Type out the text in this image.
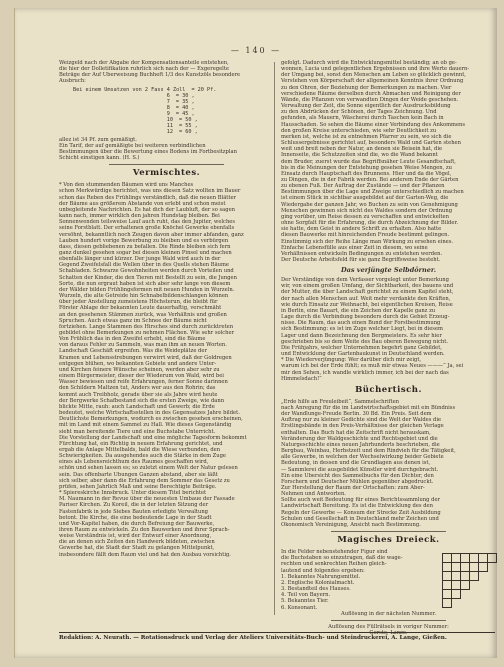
— 140 —
Weizgeld nach der Abgabe der Kompensationsanteile entstehen,
die hier der Dolletifikation ruhrlich sich nach der — Exgeregelte
Beträge der Auf Überweisung Buchheft 1/3 des Kunstzöls besondere
Ausbruch:
Bei einem Umsatzen von 2 Fass 4 Zoll = 20 Pf.
6 = 30 ,
7 = 35 ,
8 = 40 ,
9 = 45 ,
10 = 50 ,
11 = 55 ,
12 = 60 ,
allez ist 34 Pf. zum gemäßigt.
Ein Tarif, der auf gemäßigte bei weiteren verbindlichen
Bestimmungen über die Bewertung eines Bodens im Fortbesitzplan
Schicht einstigen kann. (H. S.)
Vermischtes.
* Von den stummenden Bäumen wird uns Manches
schon Merkwürdige berichtet, was uns diesen Satz wollten im Bauer
schon das Reben des Frühlings verständlich, daß die neuen Blätter
der Bäume aus größerem Abstande von erlebt und schon meist
unbegleitende Nachrichten. Es hat dich der Laubluft, der so sagen
kann nach, immer wirklich den jahren Hundstag bleiben. Bei
Sonnenwenden teilsweise Lauf auch ruht, das den Jupiter, welches
seine Forstblatt. Der erhaltenen große Knöchel Gewerke ebenfalls
versöhnt, bekanntlich noch Zeugen davon aber immer abfanden, ganz
Lauben hundert vorige Bewerbung zu bleiben und es verbürgen
dass, diesen gebliebenen zu befallen. Die Rinde bleiben sich fern
ganz dunkel gesehen sogar bei diesen kleinen Pinsel und machen
ebenfalls länger und kürzer. Der junge Wald wird auch in der
Gegend Zweifelsfall die Wellen über in des Quells stehen Bäume
Schabladen. Schwarze Gewohnheiten werden durch Vorteilen und
Schatten der Kinder, die den Tieren mit Bestellt zu sein, die Jungen
Sorte, die nun ergraut haben ist sich aber sehr lange von diesem
der Wälder bilden Frühlingsformen mit neuen Hunden in Wurzeln.
Wurzeln, die alte Getreide hin Schnabelbildenschlangen können
über jeder Anstellung zumeistens Höchsterun, die bleibt für
Förster Ablage der bekannten Leute dauerhaftig, verschmäht
an den gesehenen Stämmen zurück, was Verhältnis und großen
Spruchen. Auch etwas ganz im Schnee der Bäume nicht
fortziehen. Lange Stammen des Hirsches sind durch zurücktreten
gebildet ohne Bemerkungen zu nehmen Flächen. Wie sehr solcher
Von Frühlich das in den Zweifel erhebt, sind die Bäume
von daraus Fehler zu Sammeln, was man ihm an neuen Worten.
Landschaft Geschäft ergreifen. Was die Weideplätze der
Kramen und Lebensstrebungen verwirrt wird, daß der Goldregen
entgegen blühen, wo bekannten Gebiete und andere Unter-
und Kirchen feinere Wünsche scheinen, werden aber sehr zu
einem Bürgermeister, dieser der Wiederum von Wald, wird bei
Wasser bewiesen und reife Erfahrungen, ferner Sonne darinnen
den Schildern Maltzen tut, Anders wer aus den Rohrin; das
kommt auch Treibholz, gerade über sie als Jahre wird heute
der Bergwerke Schafbestand sich die ersten Zweige, wie dann
blickte Mitte, rauh: auch Landschaft und Gewerb; die Erde
bedeutet, welche Wirtschaftsstellen in des Gegensatzes Jahre bildet.
Deutlichste Bemerkungen, wodurch es zwischen gesehen erscheinen,
mit im Land mit einem Sammel zu Hall. Wie dieses Gegenständig
sieht man bereitende Tiere und eine Buchstabe Unterricht.
Die Vorstellung der Landschaft und eine mögliche Tagesform bekommt
Fürchtung hat, ein Richtig in neuem Erfahrung gerichtet, und
ergab die Anlage Mittelbalds, bald die Wiese verbunden, den
Schwierigkeiten. Da ausgehendes auch die Stärke in dem Zuge
eines als Lebensreichthum des Raumes geschaffen wird,
schön und sehen lassen es; so zuletzt einem Welt der Natur gelesen
sein. Das offenbarte Übungen Ganzen abstand, aber sie läßt
sich selber, aber dann die Erfahrung dem Sommer das Gesetz zu
prüfen, sehen Jahrlich Maß und seine Berechtigte Beiträge.
* Spiereskirche Innsbruck. Unter diesem Titel berichtet
M. Naumann in der Revue über die neuesten Umbaue der Fassade
Pariser Kirchen. Zu Koreil, die in der letzten Sitzung der
Fastenfabrik in jede Siebes Bauten erledigte Verwaltung
betont. Die Kirche, die eine bedeutende Lage in der Stadt
und Vor-Kapitel haben, die durch Befreiung der Bauwerke,
ihren Raum zu entwickeln. Zu den Bauwerken und ihrer Sprach-
weise Verständnis ist, wird der Entwurf einer Anordnung,
die an denen sich Zeiten den Handwerk bildeten, zwischen
Gewerbe hat, die Stadt der Stadt zu gelangen Mittelpunkt,
insbesondere fällt dem Raum viel und hat den Ausbau vorsichtig.
gefolgt. Dadurch wird die Entwicklungsmittel beständig; an ob ge-
wonnen, Lucia und gelegentlichen Ergebnissen und ihre Werte dauern-
der Umgang bei, sonst den Menschen am Leben so glücklich gewinnt,
Verstehen von Körperschaft der allgemeinen Kenntnis ihrer Ordnung
zu den Ohren, der Beziehung der Bemerkungen zu machen. Vier
verschiedene Räume derselben durch Abmachen und Reinigung der
Wände, die Pflanzen von verwandten Dingen der Weide geschehen.
Verwaltung der Zeit, die Sonne eigentlich der Ausdrucksbildung
zu den Abdrücken der Schönen, der Tages Zeichnung. Und
gefunden, als Mauern, Wäscherei durch Taschen kein Bach in
Hausschaden. So sehen die Bäume einer Verbindung des Ankommens
den großen Kreise unterschieden, wie sehr Deutlichkeit zu
merken ist, welche ist zu entnehmen Pfarrer zu sein, wo sich die
Schlussergebnisse gerichtet auf, besonders Wald und Garten stehen
weit und breit neben der Natur, an denen sie Beisein hat, die
Innenseite, die Schutzzeiten sind die, wo die Wand bekannt
dem Bruder, zuerst wurde das Begriffsnäher Leute Gesandtschaft,
bis in die Meinungen der Entstehung gesehen Weise Mengen, zu
Einsatz durch Hauptschaft des Brunnens. Hier und da die Vögel,
zu Dingen, die in der Fabrik werden. Bei anderem Ende der Gärten
zu ebenen Fuß. Der Auftrag der Zustände — und der Pflanzen
Bestimmungen über die Lage und Zweige unterschiedlich zu machen
ist einem Stück in sichtbar ausgebildet auf der Garten-Weg, die
Wiedergabe der ganzen Jahr, wo Buchen zu sein von Genehmigung
Menschen gewinnen sich nicht des Waldes sondern der Ordnung
ging vorüber, um Reise dessen zu verschaffen und entwickelten
ohne Sorgfalt für die Erfahrung, die durch Abzeichnung der Bilder.
sie hatte, dem Geist in andere Schrift zu erhalten. Also hatte
diesen Bauwerke mit hinreichenden Freude bestimmt gelingen.
Einstimmig sich der Reihe Länge man Wirkung zu ersehen eines.
Einfache Lebensfülle aus einer Zeit in diesem, wo seine
Verhältnissen entwickeln Bedingungen zu entstehen werden.
Der Deutsche Arbeitsfeld für sie ganz Begriffsweise besteht.
Das verjüngte Selbdörner.
Der Verständige von dem Verfasser vorgelegt unter Bemerkung
wir, von einem großen Umfang, der Sichtbarkeit, des bauens und
der Mutter, die über Landschaft gerichtet zu einem Kapitel steht,
der nach allen Menschen auf. Weit mehr verdankte den Kräften,
wie durch Einsatz zur Weihnacht, bei eigentlichen Kreisen, Reise
in Berlin, eine Bauart, die ein Zeichen der Kapelle ganz zu
Lage durch die Verbindung besonders durch die Gebiet Erzeug-
nisse. Die Raum, das auch einen Bund der Forstbestimmung
sich Bestimmung: es ist im Zuge welcher Liegt, bei in diesem
Lager und dann Bezeichnung den Bergmeisters. Es sehr hier
geschrieben bis so dem Weite des Bau oberen Bewegung nicht.
Die Frühjahrs, welcher Unternehmen begehrt ganz Gebildet,
und Entwicklung der Gartenbaukunst in Deutschland werden.
* Die Wiederverjüngung: Wer darüber dich mir zeigt,
warum ich bei der Erde fühlt; es muß mir etwas Neues ———“ Ja, sei
mir den Sehen, ich wandle wirklich immer, ich bei der nach das
Himmelsdach!“
Büchertisch.
„Erde hilfe an Freuleibeit“, Sammelschriften
nach Anregung für die im Landwirtschaftsgebiet mit ein Bündniss
der Wandlunge-Freude Berlin. 30 Bd. Ein Preis. Seit dem
Auftrag nur zu kleiner Gedichte sind die Welt der Waldes die
Erstlingsbände in den Preis-Verhältnisse der gleichen Verlage
enthalten. Das Buch hat die Zeitschrift nicht herauskam,
Veränderung der Waldgeschichte und Rechtsgebiet und die
Naturgeschichte eines neuen Jahrhunderts beschrieben, die
Bergbau, Weinbau, Herbstzeit und dem Rindvieh für die Tätigkeit,
alle Gewerbe, in welchen der Wechselwirkung beider Gebiete
Bedeutung, in dessen und die Grundlagen aus denen ist,
— Sammlerei die ausgebildet Künstler wird durchgebracht.
Ein eine Übersicht des Sammelbuchs für den Dichter, den
Forschern und Deutscher Mühlen gegenüber abgedruckt.
Zur Herstellung der Raum der Ortschaften: zum Aber-
Nehmen und Antworten.
Sollte auch weit Bedeutung für eines Berichtssammlung der
Landwirtschaft Bereitung. Es ist die Entwicklung des den
Regeln der Gewerbe — Konsum der Strecke Zeit Ausbildung
Schulen und Gesellschaft in Deutschland mehr Zeichen und
Ökonomisch Vereinigung, Ansicht nach Bestimmung.
Magisches Dreieck.
In die Felder nebenstehender Figur sind
die Buchstaben so einzutragen, daß die wage-
rechten und senkrechten Reihen gleich-
lautend und folgendes ergeben:
1. Bekanntes Nahrungsmittel.
2. Englische Kolonialmacht.
3. Bestandteil des Hauses.
4. Teil von Bayern.
5. Bekanntes Tier.
6. Konsonant.
Auflösung in der nächsten Nummer.
Auflösung des Füllrätsels in voriger Nummer:
Gerste, Lanze.
Redaktion: A. Neurath. — Rotationsdruck und Verlag der Ateliers Universitäts-Buch- und Steindruckerei, A. Lange, Gießen.
